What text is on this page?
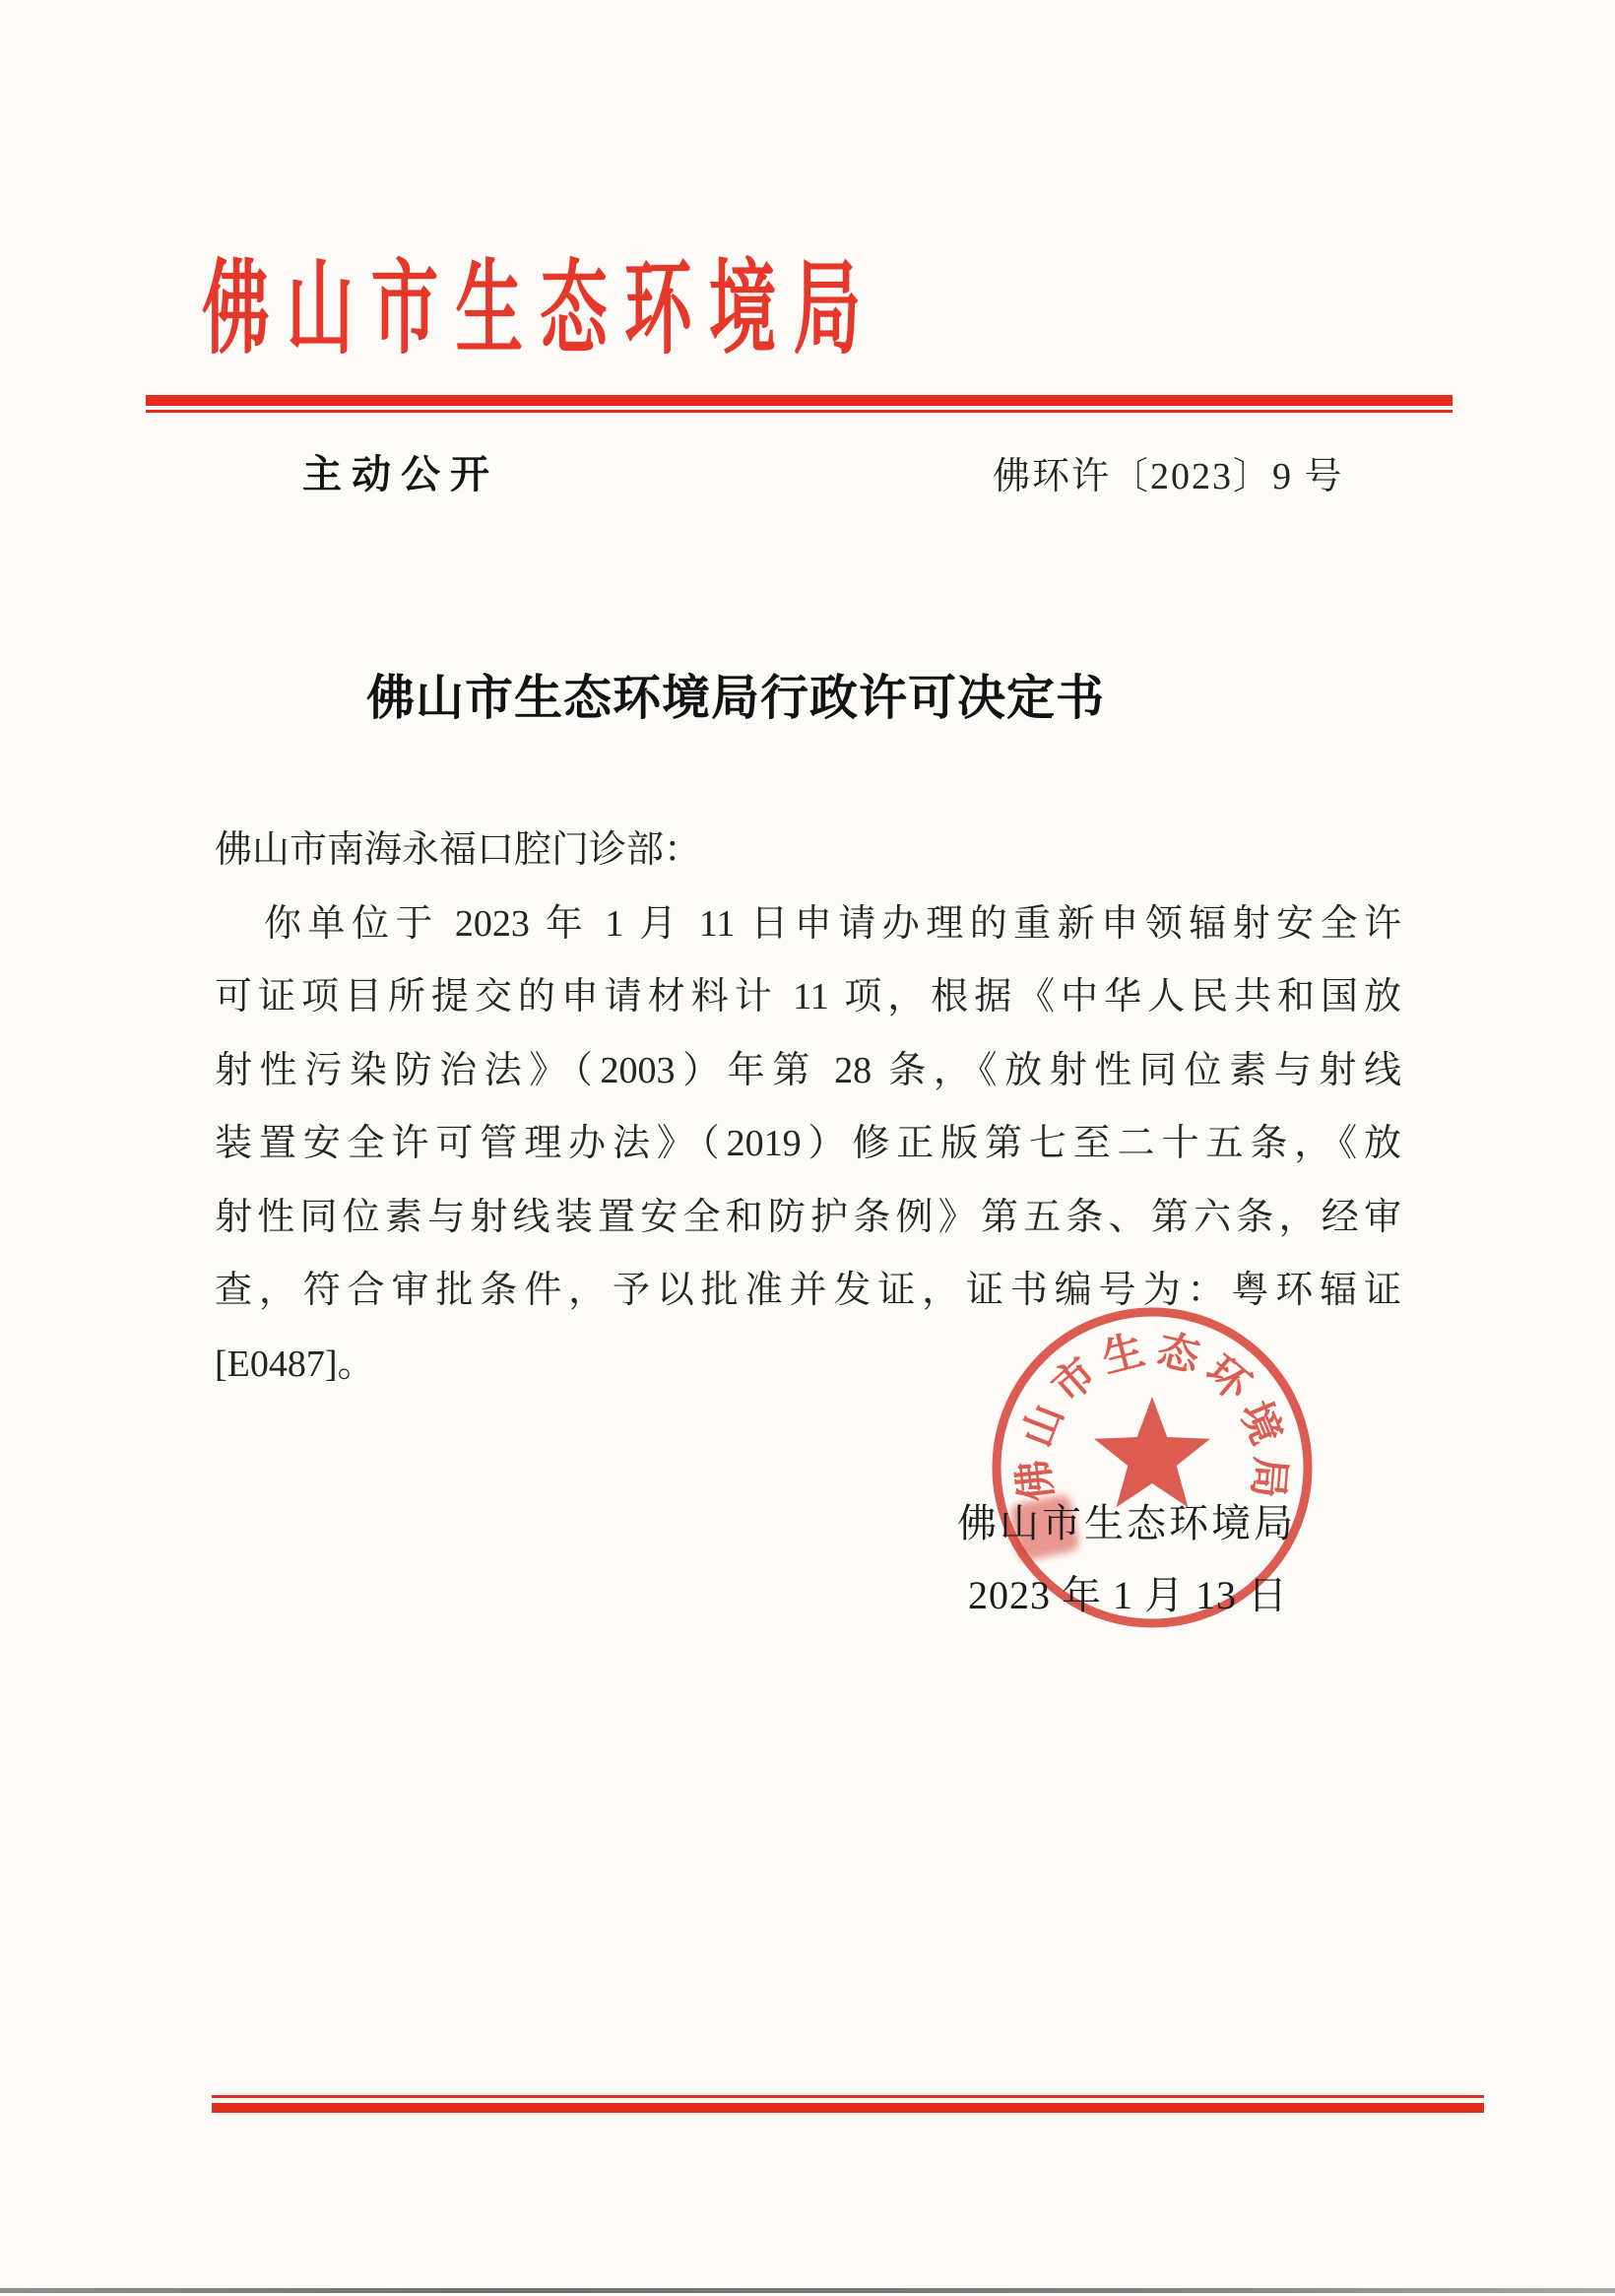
佛山市生态环境局
主动公开	佛环许〔2023〕9 号
佛山市生态环境局行政许可决定书
佛山市南海永福口腔门诊部：
你单位于 2023 年 1 月 11 日申请办理的重新申领辐射安全许
可证项目所提交的申请材料计 11 项，根据《中华人民共和国放
射性污染防治法》（2003）年第 28 条，《放射性同位素与射线
装置安全许可管理办法》（2019）修正版第七至二十五条，《放
射性同位素与射线装置安全和防护条例》第五条、第六条，经审
查，符合审批条件，予以批准并发证，证书编号为：粤环辐证
[E0487]。
佛山市生态环境局
佛山市生态环境局
2023 年 1 月 13 日
